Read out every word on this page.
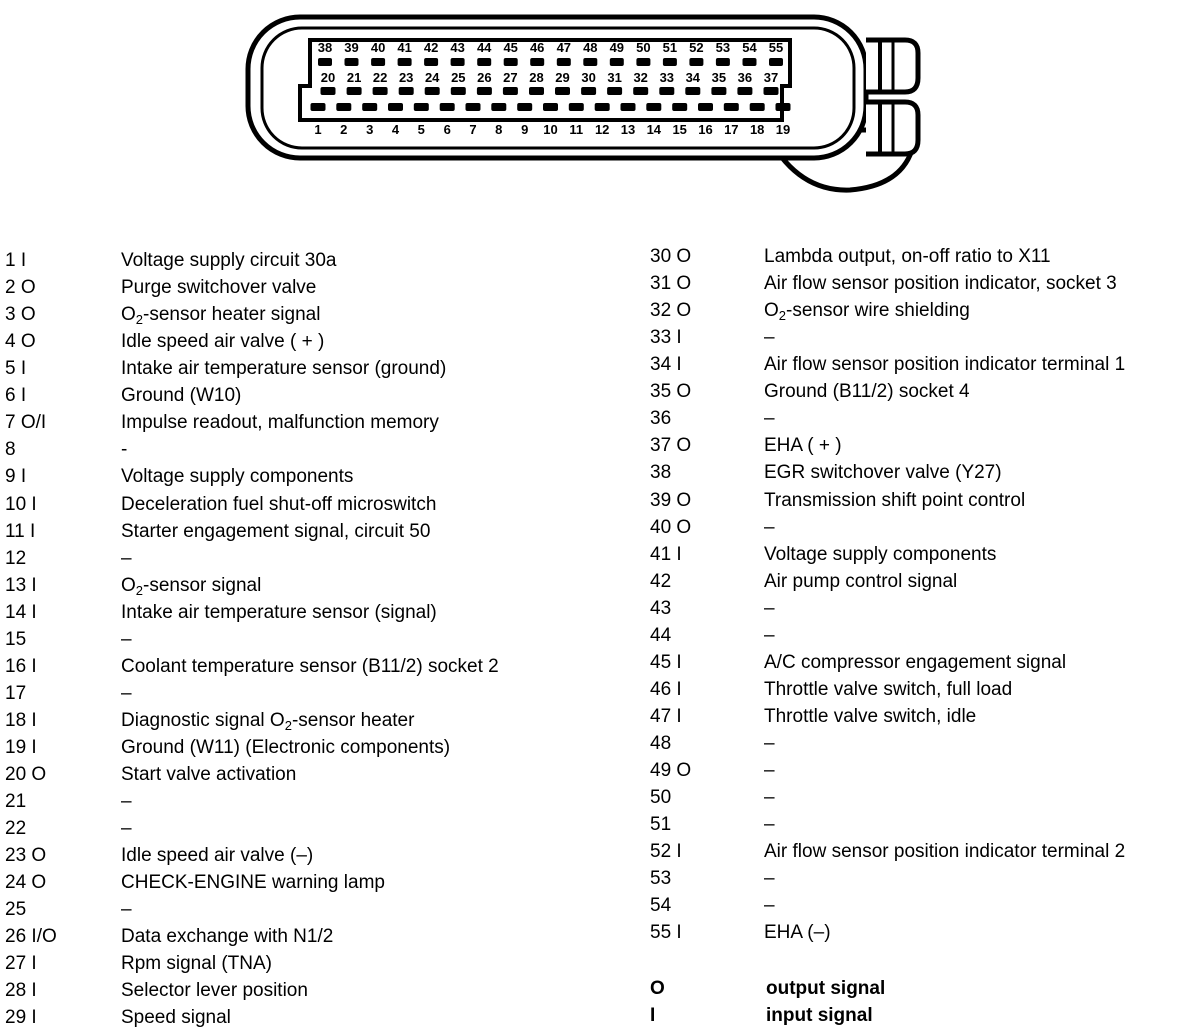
38 39 40 41 42 43 44 45 46 47 48 49 50 51 52 53 54 55
20 21 22 23 24 25 26 27 28 29 30 31 32 33 34 35 36 37
1 2 3 4 5 6 7 8 9 10 11 12 13 14 15 16 17 18 19
1 I	Voltage supply circuit 30a
2 O	Purge switchover valve
3 O	$O_2$-sensor heater signal
4 O	Idle speed air valve ( + )
5 I	Intake air temperature sensor (ground)
6 I	Ground (W10)
7 O/I	Impulse readout, malfunction memory
8	-
9 I	Voltage supply components
10 I	Deceleration fuel shut-off microswitch
11 I	Starter engagement signal, circuit 50
12	–
13 I	$O_2$-sensor signal
14 I	Intake air temperature sensor (signal)
15	–
16 I	Coolant temperature sensor (B11/2) socket 2
17	–
18 I	Diagnostic signal $O_2$-sensor heater
19 I	Ground (W11) (Electronic components)
20 O	Start valve activation
21	–
22	–
23 O	Idle speed air valve (–)
24 O	CHECK-ENGINE warning lamp
25	–
26 I/O	Data exchange with N1/2
27 I	Rpm signal (TNA)
28 I	Selector lever position
29 I	Speed signal
30 O	Lambda output, on-off ratio to X11
31 O	Air flow sensor position indicator, socket 3
32 O	$O_2$-sensor wire shielding
33 I	–
34 I	Air flow sensor position indicator terminal 1
35 O	Ground (B11/2) socket 4
36	–
37 O	EHA ( + )
38	EGR switchover valve (Y27)
39 O	Transmission shift point control
40 O	–
41 I	Voltage supply components
42	Air pump control signal
43	–
44	–
45 I	A/C compressor engagement signal
46 I	Throttle valve switch, full load
47 I	Throttle valve switch, idle
48	–
49 O	–
50	–
51	–
52 I	Air flow sensor position indicator terminal 2
53	–
54	–
55 I	EHA (–)
O	output signal
I	input signal
